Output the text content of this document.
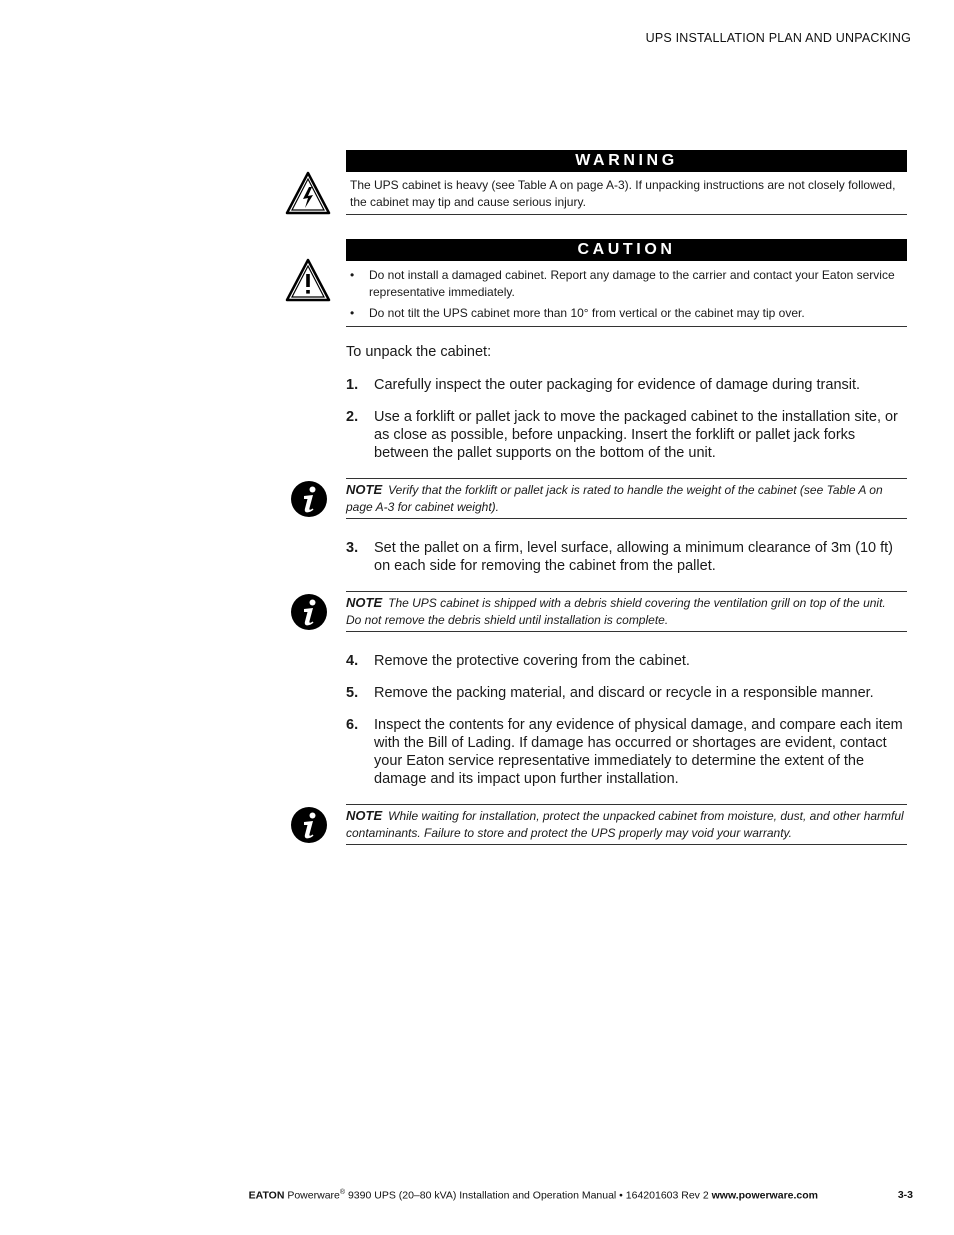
UPS INSTALLATION PLAN AND UNPACKING
WARNING
The UPS cabinet is heavy (see Table A on page A-3). If unpacking instructions are not closely followed, the cabinet may tip and cause serious injury.
CAUTION
• Do not install a damaged cabinet. Report any damage to the carrier and contact your Eaton service representative immediately.
• Do not tilt the UPS cabinet more than 10° from vertical or the cabinet may tip over.
To unpack the cabinet:
1. Carefully inspect the outer packaging for evidence of damage during transit.
2. Use a forklift or pallet jack to move the packaged cabinet to the installation site, or as close as possible, before unpacking. Insert the forklift or pallet jack forks between the pallet supports on the bottom of the unit.
NOTE Verify that the forklift or pallet jack is rated to handle the weight of the cabinet (see Table A on page A-3 for cabinet weight).
3. Set the pallet on a firm, level surface, allowing a minimum clearance of 3m (10 ft) on each side for removing the cabinet from the pallet.
NOTE The UPS cabinet is shipped with a debris shield covering the ventilation grill on top of the unit. Do not remove the debris shield until installation is complete.
4. Remove the protective covering from the cabinet.
5. Remove the packing material, and discard or recycle in a responsible manner.
6. Inspect the contents for any evidence of physical damage, and compare each item with the Bill of Lading. If damage has occurred or shortages are evident, contact your Eaton service representative immediately to determine the extent of the damage and its impact upon further installation.
NOTE While waiting for installation, protect the unpacked cabinet from moisture, dust, and other harmful contaminants. Failure to store and protect the UPS properly may void your warranty.
EATON Powerware® 9390 UPS (20–80 kVA) Installation and Operation Manual • 164201603 Rev 2 www.powerware.com	3-3
